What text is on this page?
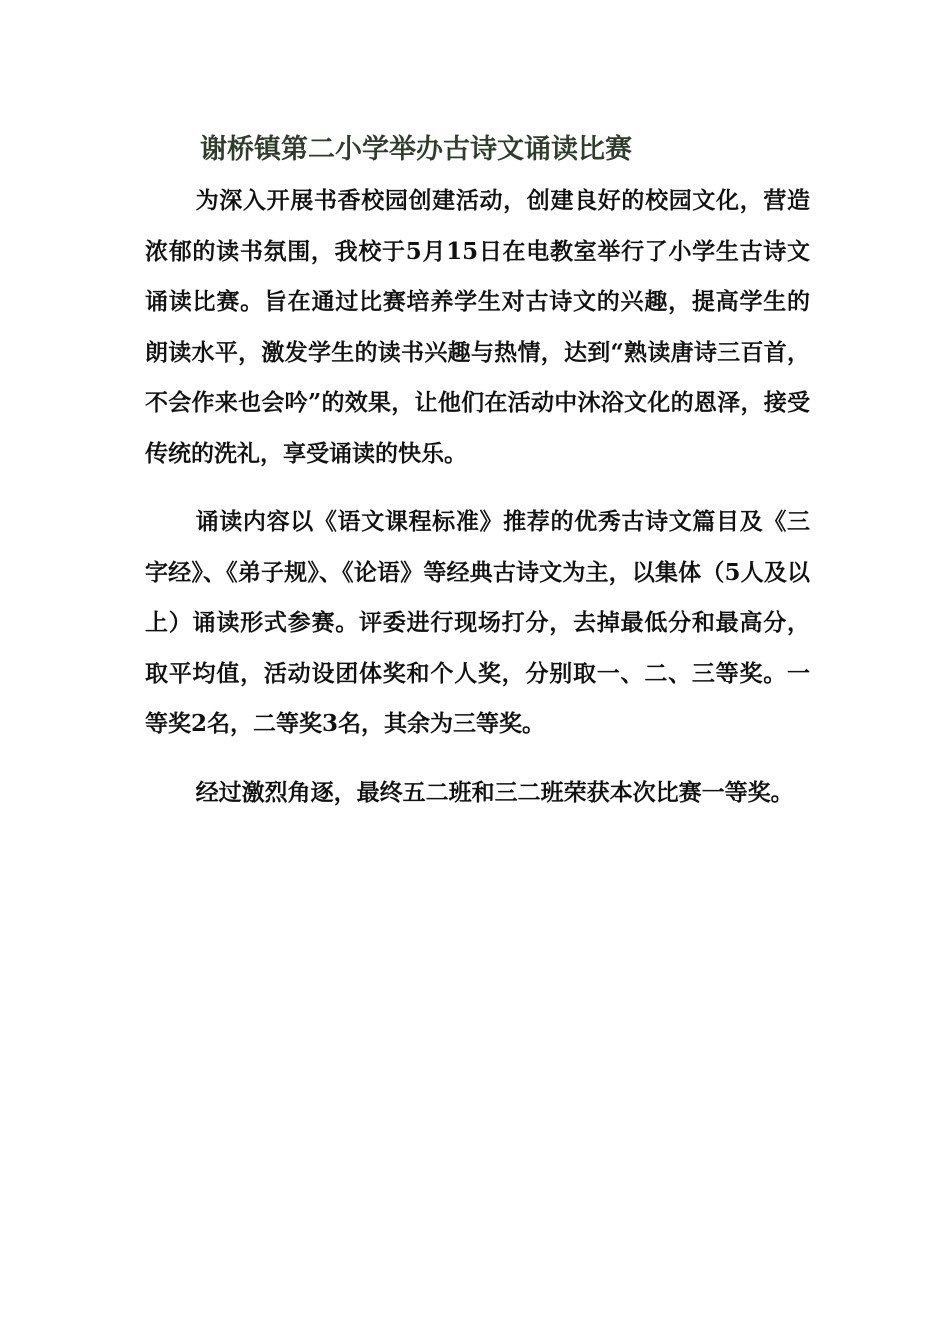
谢桥镇第二小学举办古诗文诵读比赛

为深入开展书香校园创建活动，创建良好的校园文化，营造浓郁的读书氛围，我校于5月15日在电教室举行了小学生古诗文诵读比赛。旨在通过比赛培养学生对古诗文的兴趣，提高学生的朗读水平，激发学生的读书兴趣与热情，达到“熟读唐诗三百首，不会作来也会吟”的效果，让他们在活动中沐浴文化的恩泽，接受传统的洗礼，享受诵读的快乐。

诵读内容以《语文课程标准》推荐的优秀古诗文篇目及《三字经》、《弟子规》、《论语》等经典古诗文为主，以集体（5人及以上）诵读形式参赛。评委进行现场打分，去掉最低分和最高分，取平均值，活动设团体奖和个人奖，分别取一、二、三等奖。一等奖2名，二等奖3名，其余为三等奖。

经过激烈角逐，最终五二班和三二班荣获本次比赛一等奖。
